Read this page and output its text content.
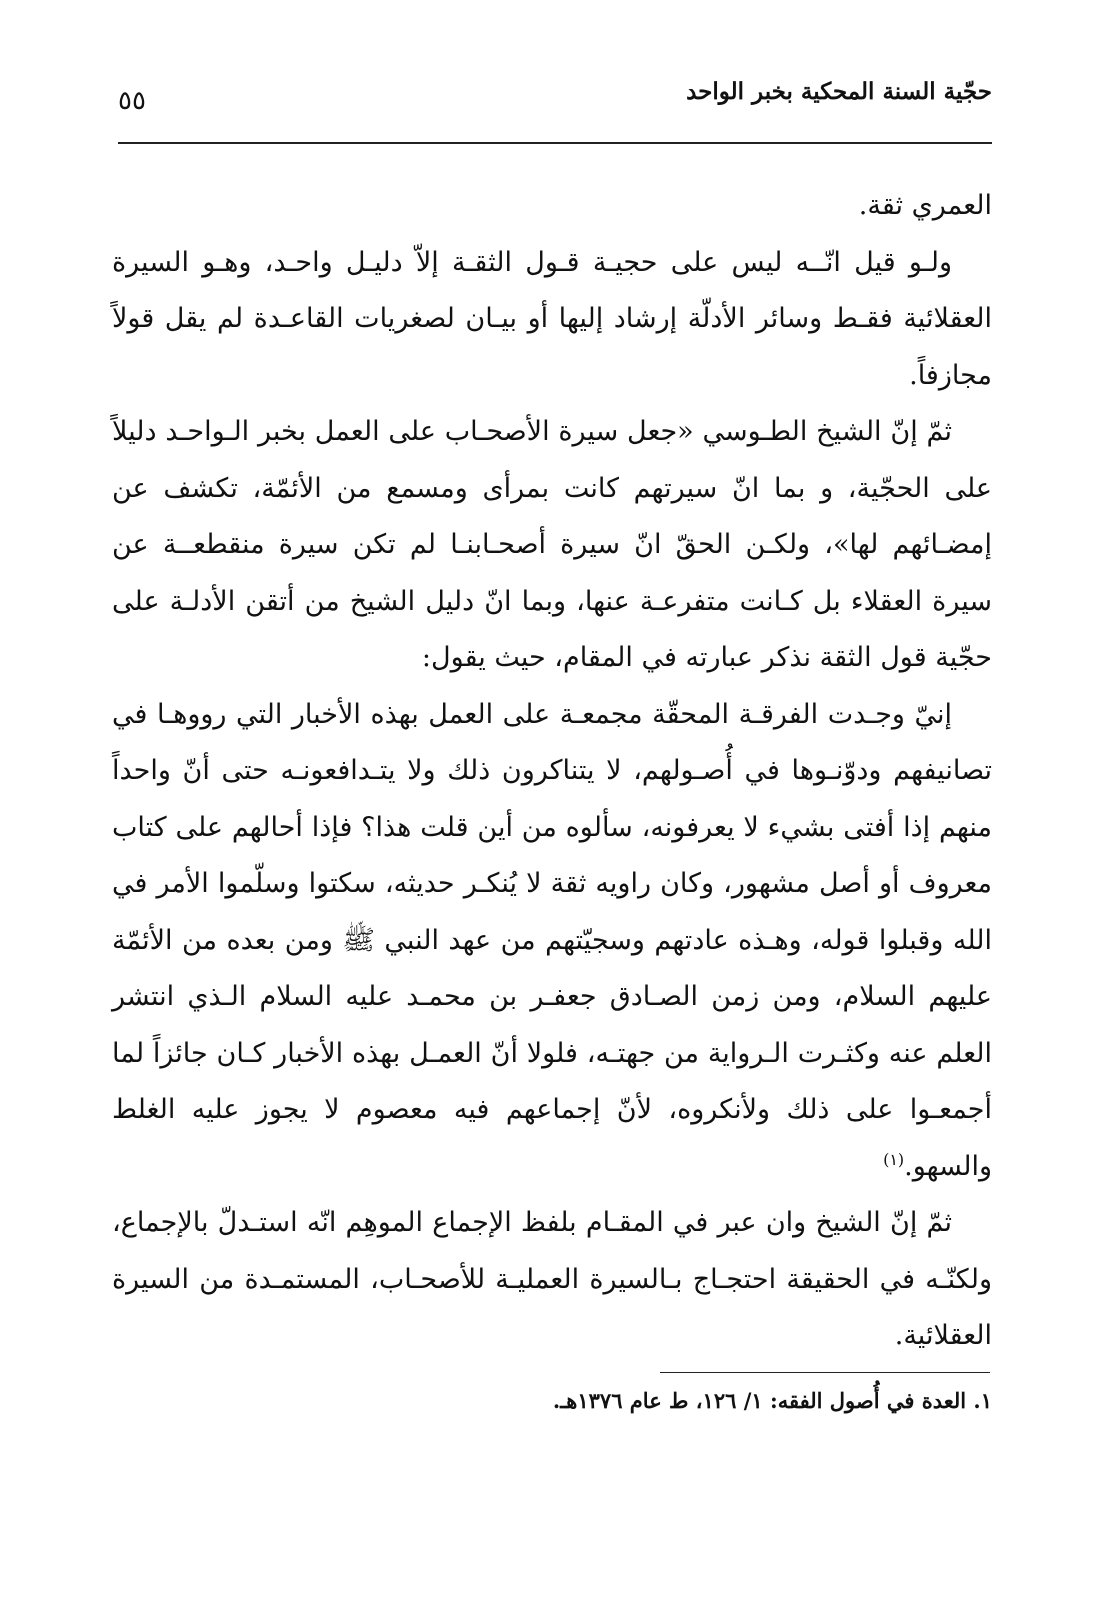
حجّية السنة المحكية بخبر الواحد
٥٥

العمري ثقة.

ولـو قيل انّــه ليس على حجيـة قـول الثقـة إلاّ دليـل واحـد، وهـو السيرة العقلائية فقـط وسائر الأدلّة إرشاد إليها أو بيـان لصغريات القاعـدة لم يقل قولاً مجازفاً.

ثمّ إنّ الشيخ الطـوسي «جعل سيرة الأصحـاب على العمل بخبر الـواحـد دليلاً على الحجّية، و بما انّ سيرتهم كانت بمرأى ومسمع من الأئمّة، تكشف عن إمضـائهم لها»، ولكـن الحقّ انّ سيرة أصحـابنـا لم تكن سيرة منقطعــة عن سيرة العقلاء بل كـانت متفرعـة عنها، وبما انّ دليل الشيخ من أتقن الأدلـة على حجّية قول الثقة نذكر عبارته في المقام، حيث يقول:

إنيّ وجـدت الفرقـة المحقّة مجمعـة على العمل بهذه الأخبار التي رووهـا في تصانيفهم ودوّنـوها في أُصـولهم، لا يتناكرون ذلك ولا يتـدافعونـه حتى أنّ واحداً منهم إذا أفتى بشيء لا يعرفونه، سألوه من أين قلت هذا؟ فإذا أحالهم على كتاب معروف أو أصل مشهور، وكان راويه ثقة لا يُنكـر حديثه، سكتوا وسلّموا الأمر في الله وقبلوا قوله، وهـذه عادتهم وسجيّتهم من عهد النبي ﷺ ومن بعده من الأئمّة عليهم السلام، ومن زمن الصـادق جعفـر بن محمـد عليه السلام الـذي انتشر العلم عنه وكثـرت الـرواية من جهتـه، فلولا أنّ العمـل بهذه الأخبار كـان جائزاً لما أجمعـوا على ذلك ولأنكروه، لأنّ إجماعهم فيه معصوم لا يجوز عليه الغلط والسهو.$^{(١)}$

ثمّ إنّ الشيخ وان عبر في المقـام بلفظ الإجماع الموهِم انّه استـدلّ بالإجماع، ولكنّـه في الحقيقة احتجـاج بـالسيرة العمليـة للأصحـاب، المستمـدة من السيرة العقلائية.

١. العدة في أُصول الفقه: ١/ ١٢٦، ط عام ١٣٧٦هـ.
